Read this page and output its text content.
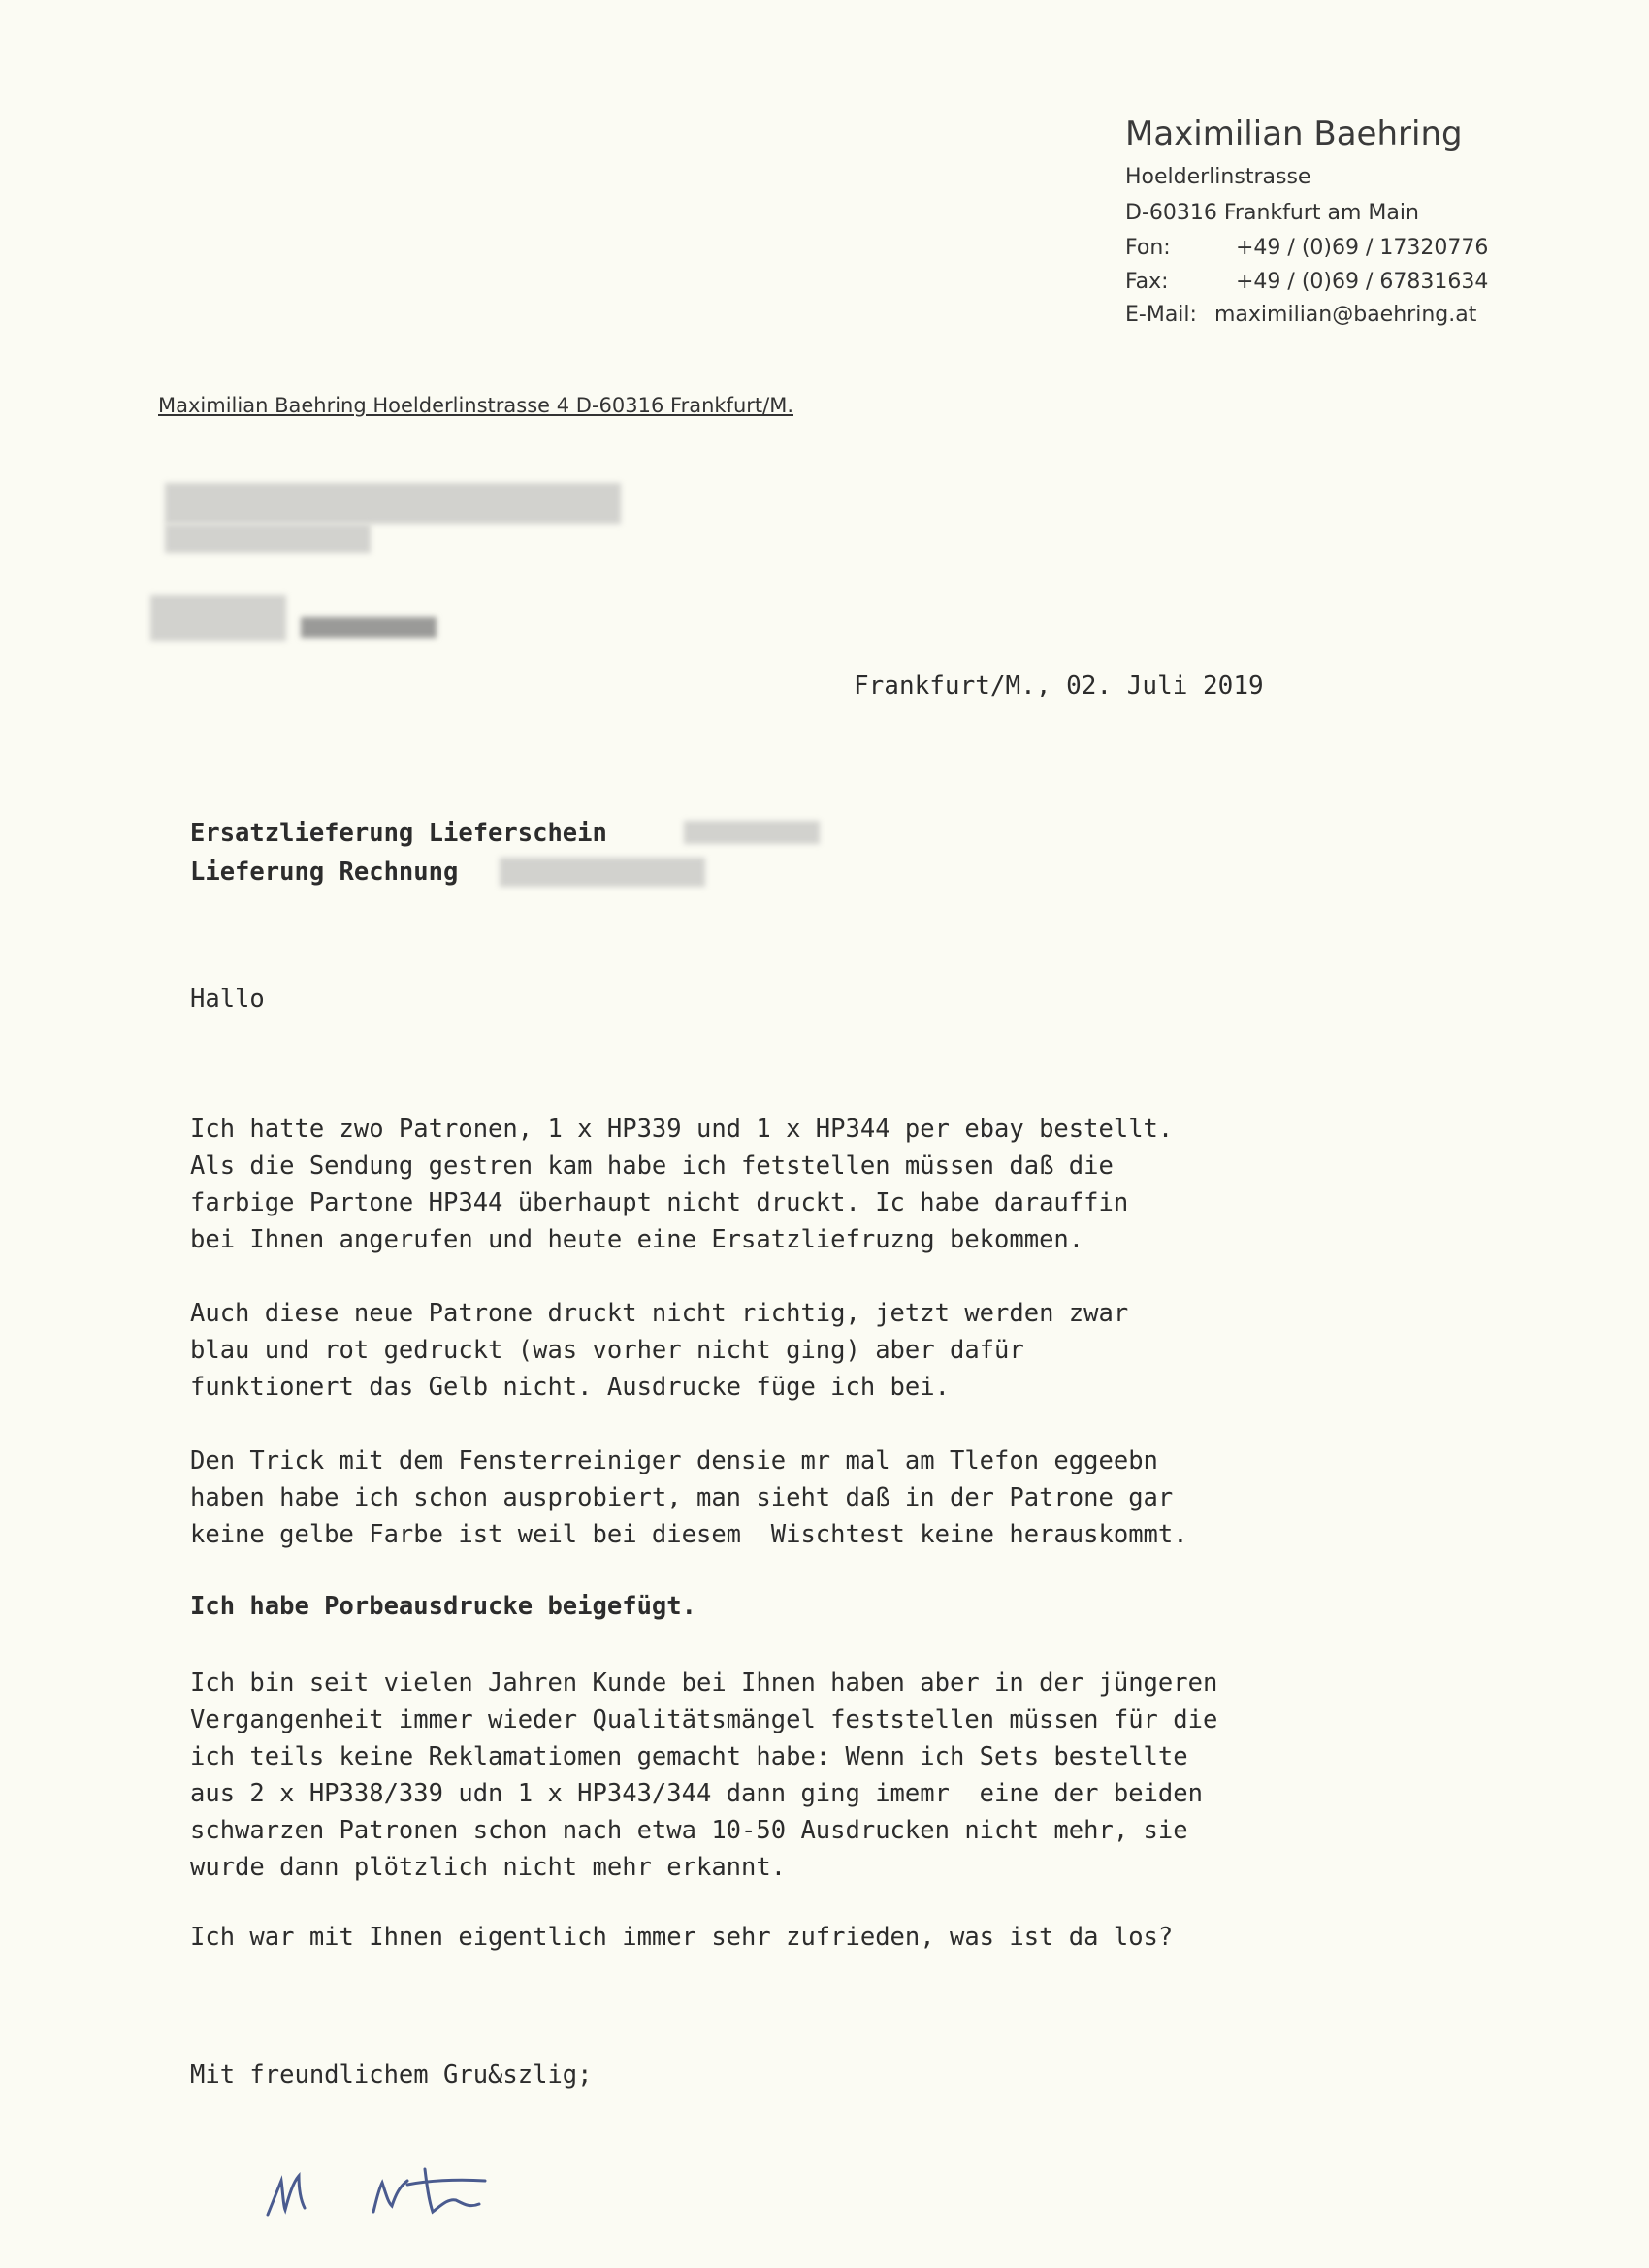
Maximilian Baehring
Hoelderlinstrasse
D-60316 Frankfurt am Main
Fon:	+49 / (0)69 / 17320776
Fax:	+49 / (0)69 / 67831634
E-Mail: maximilian@baehring.at
Maximilian Baehring Hoelderlinstrasse 4 D-60316 Frankfurt/M.
Frankfurt/M., 02. Juli 2019
Ersatzlieferung Lieferschein
Lieferung Rechnung
Hallo
Ich hatte zwo Patronen, 1 x HP339 und 1 x HP344 per ebay bestellt.
Als die Sendung gestren kam habe ich fetstellen müssen daß die
farbige Partone HP344 überhaupt nicht druckt. Ic habe darauffin
bei Ihnen angerufen und heute eine Ersatzliefruzng bekommen.
Auch diese neue Patrone druckt nicht richtig, jetzt werden zwar
blau und rot gedruckt (was vorher nicht ging) aber dafür
funktionert das Gelb nicht. Ausdrucke füge ich bei.
Den Trick mit dem Fensterreiniger densie mr mal am Tlefon eggeebn
haben habe ich schon ausprobiert, man sieht daß in der Patrone gar
keine gelbe Farbe ist weil bei diesem  Wischtest keine herauskommt.
Ich habe Porbeausdrucke beigefügt.
Ich bin seit vielen Jahren Kunde bei Ihnen haben aber in der jüngeren
Vergangenheit immer wieder Qualitätsmängel feststellen müssen für die
ich teils keine Reklamatiomen gemacht habe: Wenn ich Sets bestellte
aus 2 x HP338/339 udn 1 x HP343/344 dann ging imemr  eine der beiden
schwarzen Patronen schon nach etwa 10-50 Ausdrucken nicht mehr, sie
wurde dann plötzlich nicht mehr erkannt.
Ich war mit Ihnen eigentlich immer sehr zufrieden, was ist da los?
Mit freundlichem Gru&szlig;
